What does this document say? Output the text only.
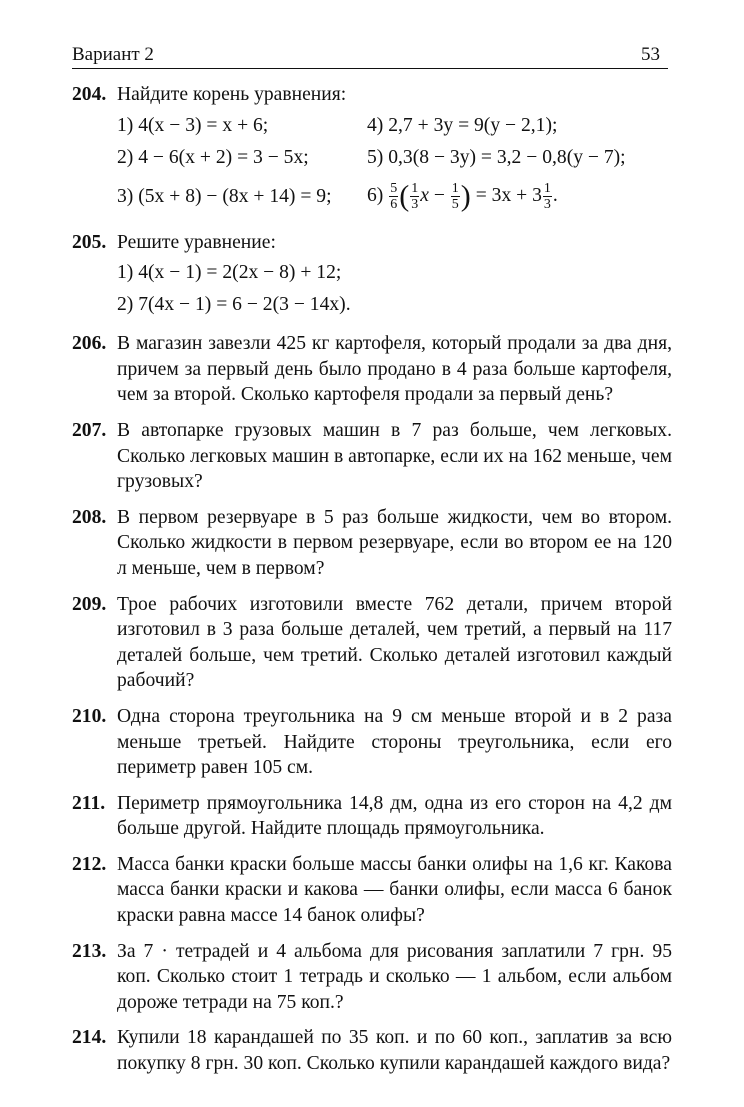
Вариант 2	53
204. Найдите корень уравнения:
1) 4(x − 3) = x + 6;	4) 2,7 + 3y = 9(y − 2,1);
2) 4 − 6(x + 2) = 3 − 5x;	5) 0,3(8 − 3y) = 3,2 − 0,8(y − 7);
3) (5x + 8) − (8x + 14) = 9;	$6) \frac{5}{6}$ ( $\frac{1}{3}$ $x - \frac{1}{5}$ ) = $3x + 3 \frac{1}{3}$ .
205. Решите уравнение:
1) 4(x − 1) = 2(2x − 8) + 12;
2) 7(4x − 1) = 6 − 2(3 − 14x).
206. В магазин завезли 425 кг картофеля, который продали за два дня, причем за первый день было продано в 4 раза больше картофеля, чем за второй. Сколько картофеля продали за первый день?
207. В автопарке грузовых машин в 7 раз больше, чем легковых. Сколько легковых машин в автопарке, если их на 162 меньше, чем грузовых?
208. В первом резервуаре в 5 раз больше жидкости, чем во втором. Сколько жидкости в первом резервуаре, если во втором ее на 120 л меньше, чем в первом?
209. Трое рабочих изготовили вместе 762 детали, причем второй изготовил в 3 раза больше деталей, чем третий, а первый на 117 деталей больше, чем третий. Сколько деталей изготовил каждый рабочий?
210. Одна сторона треугольника на 9 см меньше второй и в 2 раза меньше третьей. Найдите стороны треугольника, если его периметр равен 105 см.
211. Периметр прямоугольника 14,8 дм, одна из его сторон на 4,2 дм больше другой. Найдите площадь прямоугольника.
212. Масса банки краски больше массы банки олифы на 1,6 кг. Какова масса банки краски и какова — банки олифы, если масса 6 банок краски равна массе 14 банок олифы?
213. За 7 · тетрадей и 4 альбома для рисования заплатили 7 грн. 95 коп. Сколько стоит 1 тетрадь и сколько — 1 альбом, если альбом дороже тетради на 75 коп.?
214. Купили 18 карандашей по 35 коп. и по 60 коп., заплатив за всю покупку 8 грн. 30 коп. Сколько купили карандашей каждого вида?
